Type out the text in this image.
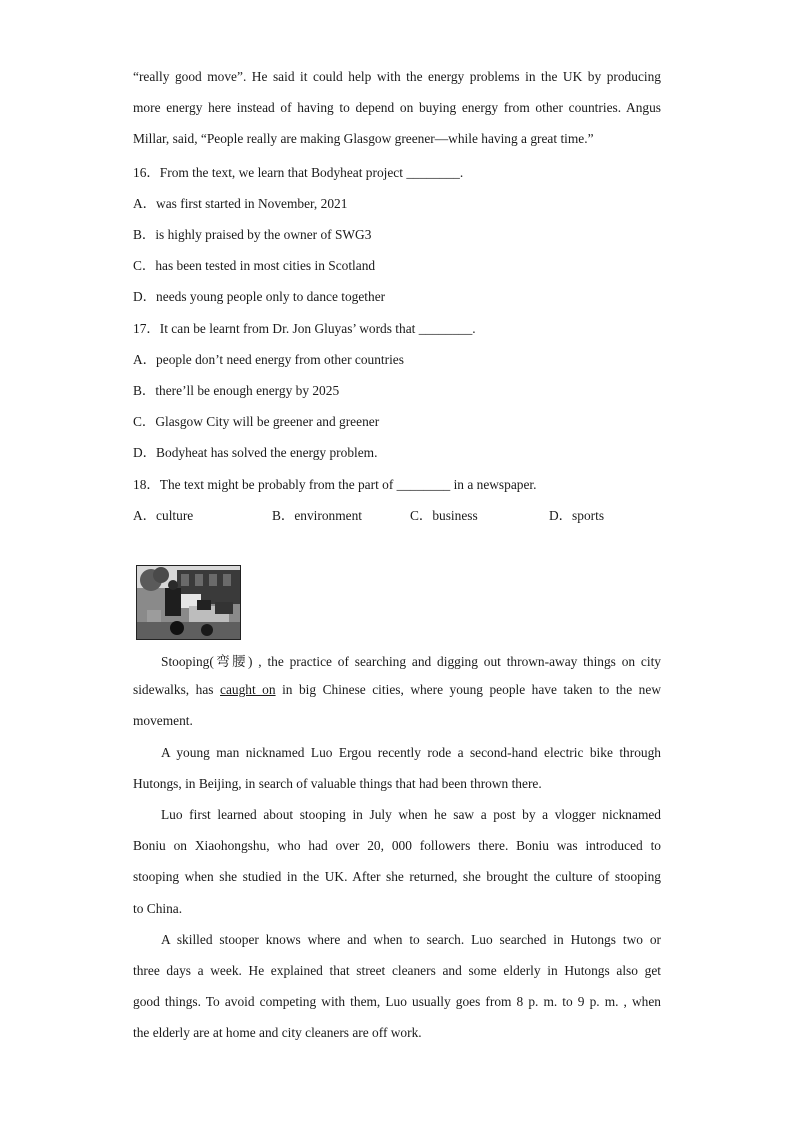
“really good move”. He said it could help with the energy problems in the UK by producing
more energy here instead of having to depend on buying energy from other countries. Angus
Millar, said, “People really are making Glasgow greener—while having a great time.”
16．From the text, we learn that Bodyheat project ________.
A．was first started in November, 2021
B．is highly praised by the owner of SWG3
C．has been tested in most cities in Scotland
D．needs young people only to dance together
17．It can be learnt from Dr. Jon Gluyas’ words that ________.
A．people don’t need energy from other countries
B．there’ll be enough energy by 2025
C．Glasgow City will be greener and greener
D．Bodyheat has solved the energy problem.
18．The text might be probably from the part of ________ in a newspaper.
A．culture	B．environment	C．business	D．sports
Stooping(弯腰) , the practice of searching and digging out thrown-away things on city
sidewalks, has caught on in big Chinese cities, where young people have taken to the new
movement.
A young man nicknamed Luo Ergou recently rode a second-hand electric bike through
Hutongs, in Beijing, in search of valuable things that had been thrown there.
Luo first learned about stooping in July when he saw a post by a vlogger nicknamed
Boniu on Xiaohongshu, who had over 20, 000 followers there. Boniu was introduced to
stooping when she studied in the UK. After she returned, she brought the culture of stooping
to China.
A skilled stooper knows where and when to search. Luo searched in Hutongs two or
three days a week. He explained that street cleaners and some elderly in Hutongs also get
good things. To avoid competing with them, Luo usually goes from 8 p. m. to 9 p. m. , when
the elderly are at home and city cleaners are off work.
